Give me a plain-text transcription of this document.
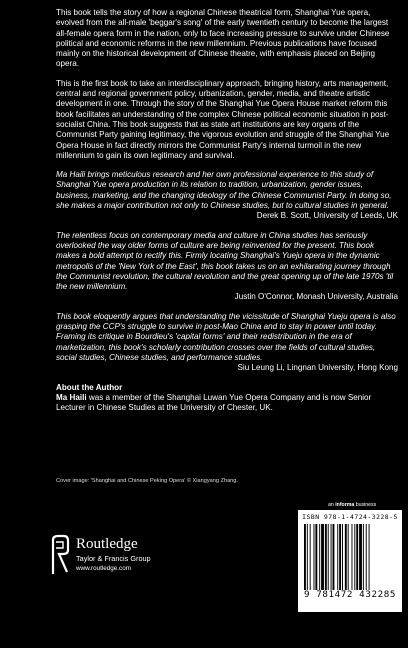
This book tells the story of how a regional Chinese theatrical form, Shanghai Yue opera, evolved from the all-male 'beggar's song' of the early twentieth century to become the largest all-female opera form in the nation, only to face increasing pressure to survive under Chinese political and economic reforms in the new millennium. Previous publications have focused mainly on the historical development of Chinese theatre, with emphasis placed on Beijing opera.

This is the first book to take an interdisciplinary approach, bringing history, arts management, central and regional government policy, urbanization, gender, media, and theatre artistic development in one. Through the story of the Shanghai Yue Opera House market reform this book facilitates an understanding of the complex Chinese political economic situation in post-socialist China. This book suggests that as state art institutions are key organs of the Communist Party gaining legitimacy, the vigorous evolution and struggle of the Shanghai Yue Opera House in fact directly mirrors the Communist Party's internal turmoil in the new millennium to gain its own legitimacy and survival.

Ma Haili brings meticulous research and her own professional experience to this study of Shanghai Yue opera production in its relation to tradition, urbanization, gender issues, business, marketing, and the changing ideology of the Chinese Communist Party. In doing so, she makes a major contribution not only to Chinese studies, but to cultural studies in general.

Derek B. Scott, University of Leeds, UK

The relentless focus on contemporary media and culture in China studies has seriously overlooked the way older forms of culture are being reinvented for the present. This book makes a bold attempt to rectify this. Firmly locating Shanghai's Yueju opera in the dynamic metropolis of the 'New York of the East', this book takes us on an exhilarating journey through the Communist revolution, the cultural revolution and the great opening up of the late 1970s 'til the new millennium.

Justin O'Connor, Monash University, Australia

This book eloquently argues that understanding the vicissitude of Shanghai Yueju opera is also grasping the CCP's struggle to survive in post-Mao China and to stay in power until today. Framing its critique in Bourdieu's 'capital forms' and their redistribution in the era of marketization, this book's scholarly contribution crosses over the fields of cultural studies, social studies, Chinese studies, and performance studies.

Siu Leung Li, Lingnan University, Hong Kong

About the Author

Ma Haili was a member of the Shanghai Luwan Yue Opera Company and is now Senior Lecturer in Chinese Studies at the University of Chester, UK.

Cover image: 'Shanghai and Chinese Peking Opera' © Xiangyang Zhang.
an informa business
ISBN 978-1-4724-3228-5
9 781472 432285
Routledge
Taylor & Francis Group
www.routledge.com
